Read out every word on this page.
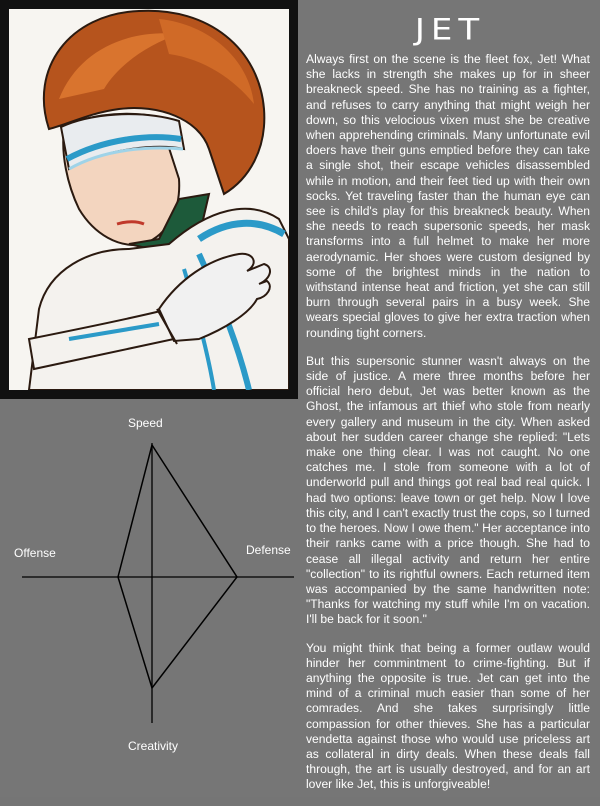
JET

Always first on the scene is the fleet fox, Jet! What she lacks in strength she makes up for in sheer breakneck speed. She has no training as a fighter, and refuses to carry anything that might weigh her down, so this velocious vixen must she be creative when apprehending criminals. Many unfortunate evil doers have their guns emptied before they can take a single shot, their escape vehicles disassembled while in motion, and their feet tied up with their own socks. Yet traveling faster than the human eye can see is child's play for this breakneck beauty. When she needs to reach supersonic speeds, her mask transforms into a full helmet to make her more aerodynamic. Her shoes were custom designed by some of the brightest minds in the nation to withstand intense heat and friction, yet she can still burn through several pairs in a busy week. She wears special gloves to give her extra traction when rounding tight corners.

But this supersonic stunner wasn't always on the side of justice. A mere three months before her official hero debut, Jet was better known as the Ghost, the infamous art thief who stole from nearly every gallery and museum in the city. When asked about her sudden career change she replied: "Lets make one thing clear. I was not caught. No one catches me. I stole from someone with a lot of underworld pull and things got real bad real quick. I had two options: leave town or get help. Now I love this city, and I can't exactly trust the cops, so I turned to the heroes. Now I owe them." Her acceptance into their ranks came with a price though. She had to cease all illegal activity and return her entire "collection" to its rightful owners. Each returned item was accompanied by the same handwritten note: "Thanks for watching my stuff while I'm on vacation. I'll be back for it soon."

You might think that being a former outlaw would hinder her commintment to crime-fighting. But if anything the opposite is true. Jet can get into the mind of a criminal much easier than some of her comrades. And she takes surprisingly little compassion for other thieves. She has a particular vendetta against those who would use priceless art as collateral in dirty deals. When these deals fall through, the art is usually destroyed, and for an art lover like Jet, this is unforgiveable!

Speed
Defense
Offense
Creativity
